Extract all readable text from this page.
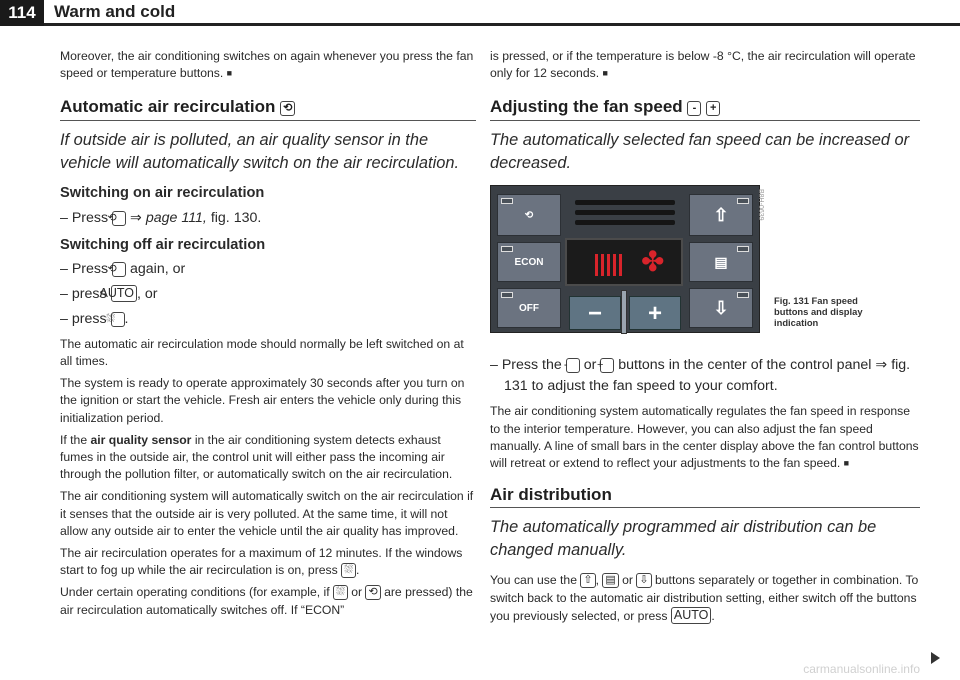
114	Warm and cold

Moreover, the air conditioning switches on again whenever you press the fan speed or temperature buttons. ■

Automatic air recirculation ⟲
If outside air is polluted, an air quality sensor in the vehicle will automatically switch on the air recirculation.
Switching on air recirculation
– Press ⟲ ⇒ page 111, fig. 130.
Switching off air recirculation
– Press ⟲ again, or
– press AUTO , or
– press ⛆ .

The automatic air recirculation mode should normally be left switched on at all times.

The system is ready to operate approximately 30 seconds after you turn on the ignition or start the vehicle. Fresh air enters the vehicle only during this initialization period.

If the air quality sensor in the air conditioning system detects exhaust fumes in the outside air, the control unit will either pass the incoming air through the pollution filter, or automatically switch on the air recirculation.

The air conditioning system will automatically switch on the air recirculation if it senses that the outside air is very polluted. At the same time, it will not allow any outside air to enter the vehicle until the air quality has improved.

The air recirculation operates for a maximum of 12 minutes. If the windows start to fog up while the air recirculation is on, press ⛆ .

Under certain operating conditions (for example, if ⛆ or ⟲ are pressed) the air recirculation automatically switches off. If “ECON”

is pressed, or if the temperature is below -8 °C, the air recirculation will operate only for 12 seconds. ■

Adjusting the fan speed - +
The automatically selected fan speed can be increased or decreased.
⟲
ECON
OFF
✤
−	+
⇧
▤
⇩
B8H-0639
Fig. 131 Fan speed
buttons and display
indication
– Press the - or + buttons in the center of the control panel ⇒ fig. 131 to adjust the fan speed to your comfort.

The air conditioning system automatically regulates the fan speed in response to the interior temperature. However, you can also adjust the fan speed manually. A line of small bars in the center display above the fan control buttons will retreat or extend to reflect your adjustments to the fan speed. ■

Air distribution
The automatically programmed air distribution can be changed manually.

You can use the ⇧ , ▤ or ⇩ buttons separately or together in combination. To switch back to the automatic air distribution setting, either switch off the buttons you previously selected, or press AUTO .

carmanualsonline.info
